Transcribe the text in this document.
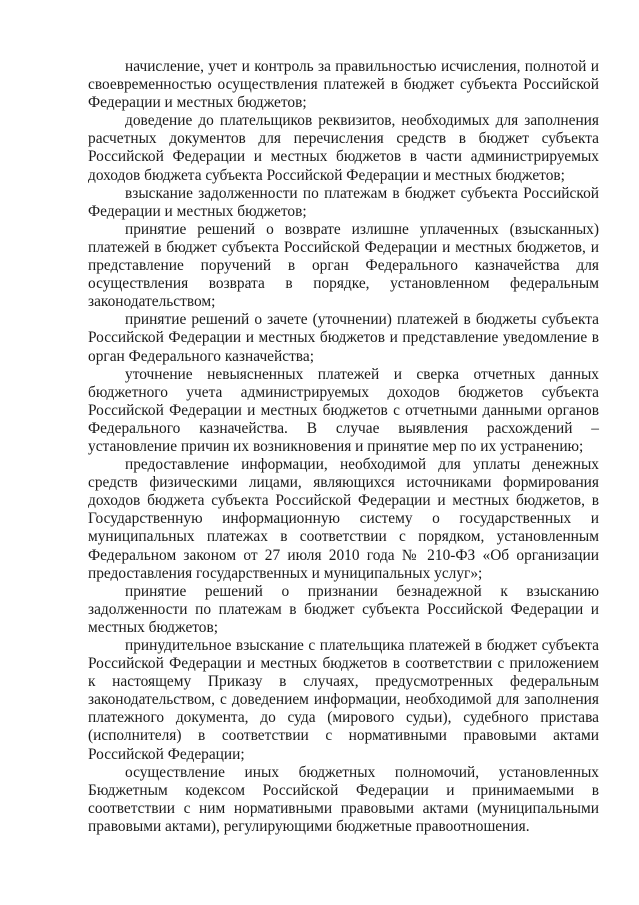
начисление, учет и контроль за правильностью исчисления, полнотой и своевременностью осуществления платежей в бюджет субъекта Российской Федерации и местных бюджетов;

доведение до плательщиков реквизитов, необходимых для заполнения расчетных документов для перечисления средств в бюджет субъекта Российской Федерации и местных бюджетов в части администрируемых доходов бюджета субъекта Российской Федерации и местных бюджетов;

взыскание задолженности по платежам в бюджет субъекта Российской Федерации и местных бюджетов;

принятие решений о возврате излишне уплаченных (взысканных) платежей в бюджет субъекта Российской Федерации и местных бюджетов, и представление поручений в орган Федерального казначейства для осуществления возврата в порядке, установленном федеральным законодательством;

принятие решений о зачете (уточнении) платежей в бюджеты субъекта Российской Федерации и местных бюджетов и представление уведомление в орган Федерального казначейства;

уточнение невыясненных платежей и сверка отчетных данных бюджетного учета администрируемых доходов бюджетов субъекта Российской Федерации и местных бюджетов с отчетными данными органов Федерального казначейства. В случае выявления расхождений – установление причин их возникновения и принятие мер по их устранению;

предоставление информации, необходимой для уплаты денежных средств физическими лицами, являющихся источниками формирования доходов бюджета субъекта Российской Федерации и местных бюджетов, в Государственную информационную систему о государственных и муниципальных платежах в соответствии с порядком, установленным Федеральном законом от 27 июля 2010 года № 210-ФЗ «Об организации предоставления государственных и муниципальных услуг»;

принятие решений о признании безнадежной к взысканию задолженности по платежам в бюджет субъекта Российской Федерации и местных бюджетов;

принудительное взыскание с плательщика платежей в бюджет субъекта Российской Федерации и местных бюджетов в соответствии с приложением к настоящему Приказу в случаях, предусмотренных федеральным законодательством, с доведением информации, необходимой для заполнения платежного документа, до суда (мирового судьи), судебного пристава (исполнителя) в соответствии с нормативными правовыми актами Российской Федерации;

осуществление иных бюджетных полномочий, установленных Бюджетным кодексом Российской Федерации и принимаемыми в соответствии с ним нормативными правовыми актами (муниципальными правовыми актами), регулирующими бюджетные правоотношения.
